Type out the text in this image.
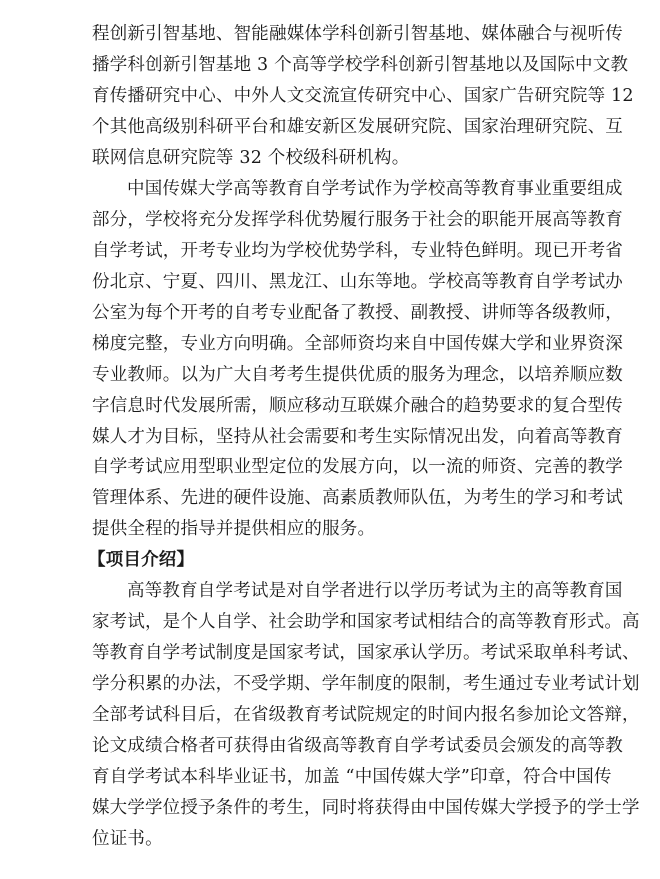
程创新引智基地、智能融媒体学科创新引智基地、媒体融合与视听传
播学科创新引智基地 3 个高等学校学科创新引智基地以及国际中文教
育传播研究中心、中外人文交流宣传研究中心、国家广告研究院等 12
个其他高级别科研平台和雄安新区发展研究院、国家治理研究院、互
联网信息研究院等 32 个校级科研机构。
中国传媒大学高等教育自学考试作为学校高等教育事业重要组成
部分，学校将充分发挥学科优势履行服务于社会的职能开展高等教育
自学考试，开考专业均为学校优势学科，专业特色鲜明。现已开考省
份北京、宁夏、四川、黑龙江、山东等地。学校高等教育自学考试办
公室为每个开考的自考专业配备了教授、副教授、讲师等各级教师，
梯度完整，专业方向明确。全部师资均来自中国传媒大学和业界资深
专业教师。以为广大自考考生提供优质的服务为理念，以培养顺应数
字信息时代发展所需，顺应移动互联媒介融合的趋势要求的复合型传
媒人才为目标，坚持从社会需要和考生实际情况出发，向着高等教育
自学考试应用型职业型定位的发展方向，以一流的师资、完善的教学
管理体系、先进的硬件设施、高素质教师队伍，为考生的学习和考试
提供全程的指导并提供相应的服务。
【项目介绍】
高等教育自学考试是对自学者进行以学历考试为主的高等教育国
家考试，是个人自学、社会助学和国家考试相结合的高等教育形式。高
等教育自学考试制度是国家考试，国家承认学历。考试采取单科考试、
学分积累的办法，不受学期、学年制度的限制，考生通过专业考试计划
全部考试科目后，在省级教育考试院规定的时间内报名参加论文答辩，
论文成绩合格者可获得由省级高等教育自学考试委员会颁发的高等教
育自学考试本科毕业证书，加盖 “中国传媒大学”印章，符合中国传
媒大学学位授予条件的考生，同时将获得由中国传媒大学授予的学士学
位证书。
